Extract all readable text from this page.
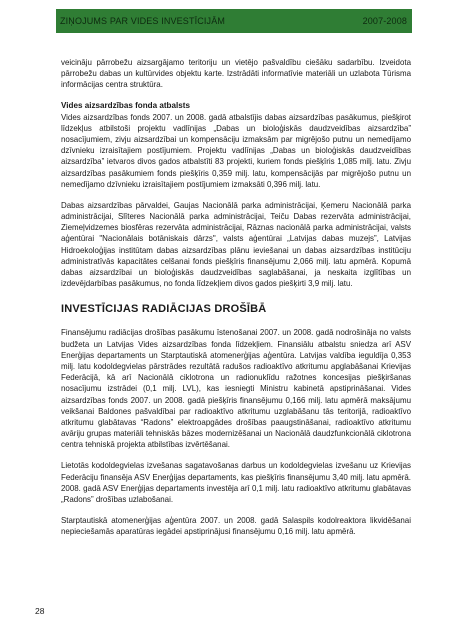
ZIŅOJUMS PAR VIDES INVESTĪCIJĀM	2007-2008

veicināju pārrobežu aizsargājamo teritoriju un vietējo pašvaldību ciešāku sadarbību. Izveidota pārrobežu dabas un kultūrvides objektu karte. Izstrādāti informatīvie materiāli un uzlabota Tūrisma informācijas centra struktūra.

Vides aizsardzības fonda atbalsts

Vides aizsardzības fonds 2007. un 2008. gadā atbalstījis dabas aizsardzības pasākumus, piešķirot līdzekļus atbilstoši projektu vadlīnijas „Dabas un bioloģiskās daudzveidības aizsardzība” nosacījumiem, zivju aizsardzībai un kompensāciju izmaksām par migrējošo putnu un nemedījamo dzīvnieku izraisītajiem postījumiem. Projektu vadlīnijas „Dabas un bioloģiskās daudzveidības aizsardzība” ietvaros divos gados atbalstīti 83 projekti, kuriem fonds piešķīris 1,085 milj. latu. Zivju aizsardzības pasākumiem fonds piešķīris 0,359 milj. latu, kompensācijās par migrējošo putnu un nemedījamo dzīvnieku izraisītajiem postījumiem izmaksāti 0,396 milj. latu.

Dabas aizsardzības pārvaldei, Gaujas Nacionālā parka administrācijai, Ķemeru Nacionālā parka administrācijai, Slīteres Nacionālā parka administrācijai, Teiču Dabas rezervāta administrācijai, Ziemeļvidzemes biosfēras rezervāta administrācijai, Rāznas nacionālā parka administrācijai, valsts aģentūrai "Nacionālais botāniskais dārzs", valsts aģentūrai „Latvijas dabas muzejs”, Latvijas Hidroekoloģijas institūtam dabas aizsardzības plānu ieviešanai un dabas aizsardzības institūciju administratīvās kapacitātes celšanai fonds piešķīris finansējumu 2,066 milj. latu apmērā. Kopumā dabas aizsardzībai un bioloģiskās daudzveidības saglabāšanai, ja neskaita izglītības un izdevējdarbības pasākumus, no fonda līdzekļiem divos gados piešķirti 3,9 milj. latu.

INVESTĪCIJAS RADIĀCIJAS DROŠĪBĀ

Finansējumu radiācijas drošības pasākumu īstenošanai 2007. un 2008. gadā nodrošināja no valsts budžeta un Latvijas Vides aizsardzības fonda līdzekļiem. Finansiālu atbalstu sniedza arī ASV Enerģijas departaments un Starptautiskā atomenerģijas aģentūra. Latvijas valdība ieguldīja 0,353 milj. latu kodoldegvielas pārstrādes rezultātā radušos radioaktīvo atkritumu apglabāšanai Krievijas Federācijā, kā arī Nacionālā ciklotrona un radionuklīdu ražotnes koncesijas piešķiršanas nosacījumu izstrādei (0,1 milj. LVL), kas iesniegti Ministru kabinetā apstiprināšanai. Vides aizsardzības fonds 2007. un 2008. gadā piešķīris finansējumu 0,166 milj. latu apmērā maksājumu veikšanai Baldones pašvaldībai par radioaktīvo atkritumu uzglabāšanu tās teritorijā, radioaktīvo atkritumu glabātavas “Radons” elektroapgādes drošības paaugstināšanai, radioaktīvo atkritumu avāriju grupas materiāli tehniskās bāzes modernizēšanai un Nacionālā daudzfunkcionālā ciklotrona centra tehniskā projekta atbilstības izvērtēšanai.

Lietotās kodoldegvielas izvešanas sagatavošanas darbus un kodoldegvielas izvešanu uz Krievijas Federāciju finansēja ASV Enerģijas departaments, kas piešķīris finansējumu 3,40 milj. latu apmērā. 2008. gadā ASV Enerģijas departaments investēja arī 0,1 milj. latu radioaktīvo atkritumu glabātavas „Radons” drošības uzlabošanai.

Starptautiskā atomenerģijas aģentūra 2007. un 2008. gadā Salaspils kodolreaktora likvidēšanai nepieciešamās aparatūras iegādei apstiprinājusi finansējumu 0,16 milj. latu apmērā.

28
